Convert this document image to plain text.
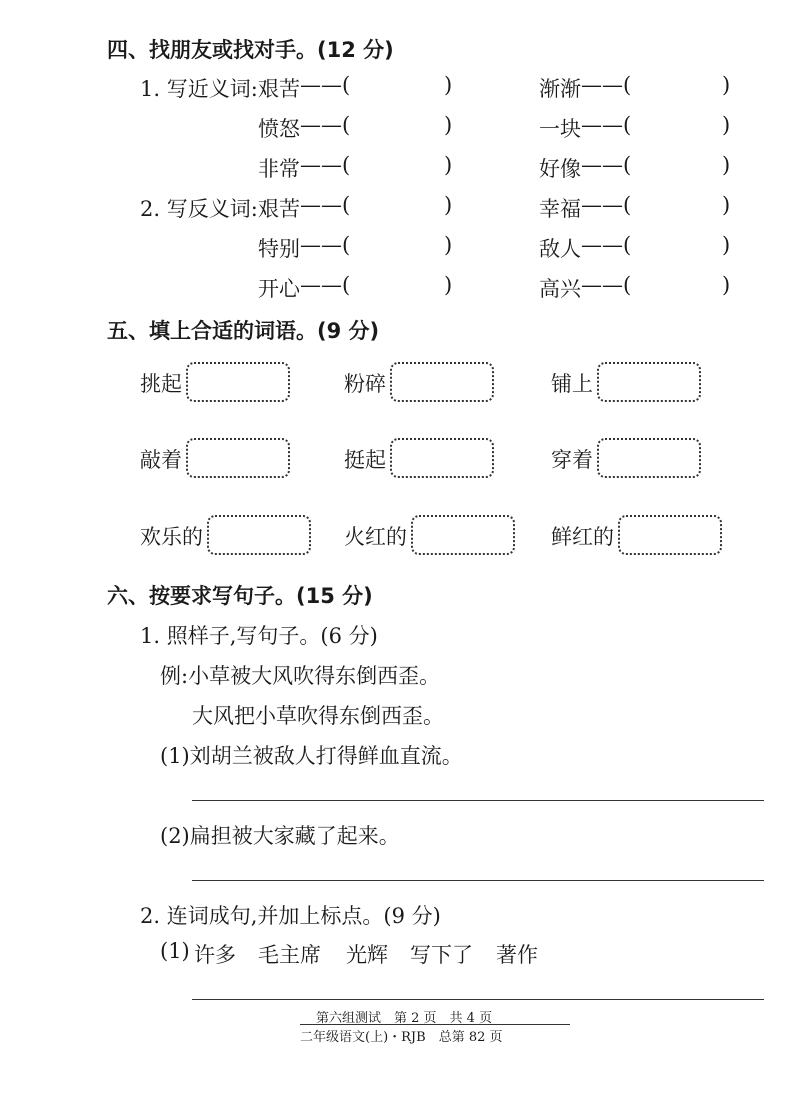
四、找朋友或找对手。(12 分)
1. 写近义词:
2. 写反义词:
艰苦 —— (	)	渐渐 —— (	)
愤怒 —— (	)	一块 —— (	)
非常 —— (	)	好像 —— (	)
艰苦 —— (	)	幸福 —— (	)
特别 —— (	)	敌人 —— (	)
开心 —— (	)	高兴 —— (	)
五、填上合适的词语。(9 分)
挑起	粉碎	铺上
敲着	挺起	穿着
欢乐的	火红的	鲜红的
六、按要求写句子。(15 分)
1. 照样子,写句子。(6 分)
例:小草被大风吹得东倒西歪。
大风把小草吹得东倒西歪。
(1)刘胡兰被敌人打得鲜血直流。
(2)扁担被大家藏了起来。
2. 连词成句,并加上标点。(9 分)
(1) 许多 毛主席 光辉 写下了 著作
第六组测试　第 2 页　共 4 页
二年级语文(上)・RJB　总第 82 页
